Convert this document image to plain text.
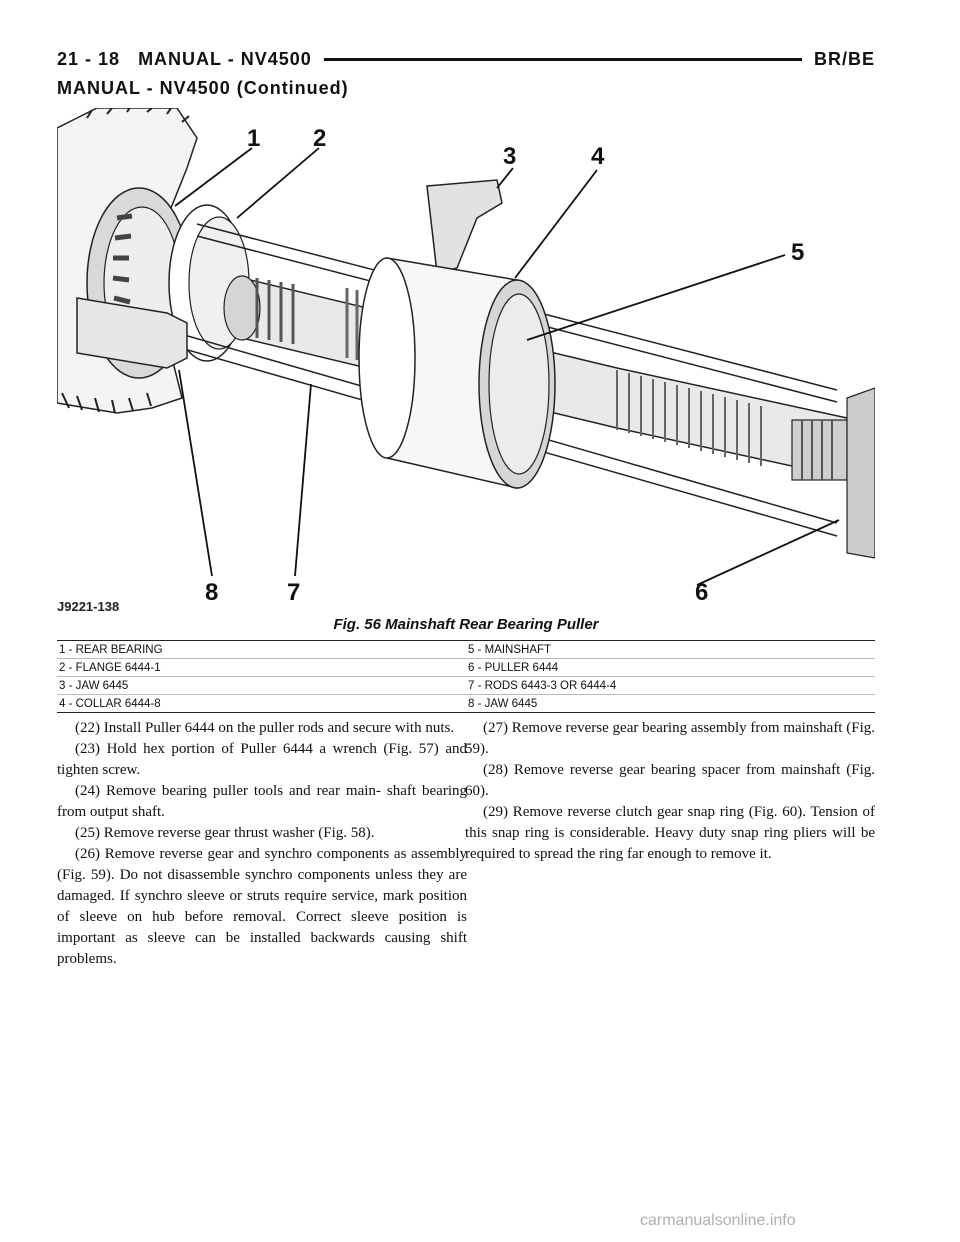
21 - 18 MANUAL - NV4500	BR/BE
MANUAL - NV4500 (Continued)
1 2
3	4
5
6
7
8
J9221-138
Fig. 56 Mainshaft Rear Bearing Puller
1 - REAR BEARING	5 - MAINSHAFT
2 - FLANGE 6444-1	6 - PULLER 6444
3 - JAW 6445	7 - RODS 6443-3 OR 6444-4
4 - COLLAR 6444-8	8 - JAW 6445

(22) Install Puller 6444 on the puller rods and secure with nuts.

(23) Hold hex portion of Puller 6444 a wrench (Fig. 57) and tighten screw.

(24) Remove bearing puller tools and rear main- shaft bearing from output shaft.

(25) Remove reverse gear thrust washer (Fig. 58).

(26) Remove reverse gear and synchro components as assembly (Fig. 59). Do not disassemble synchro components unless they are damaged. If synchro sleeve or struts require service, mark position of sleeve on hub before removal. Correct sleeve position is important as sleeve can be installed backwards causing shift problems.

(27) Remove reverse gear bearing assembly from mainshaft (Fig. 59).

(28) Remove reverse gear bearing spacer from mainshaft (Fig. 60).

(29) Remove reverse clutch gear snap ring (Fig. 60). Tension of this snap ring is considerable. Heavy duty snap ring pliers will be required to spread the ring far enough to remove it.

carmanualsonline.info
